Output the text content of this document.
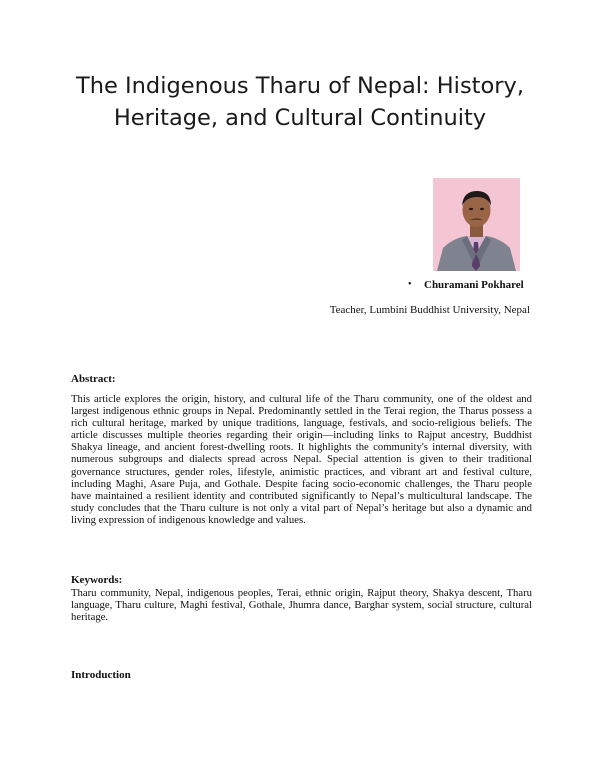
The Indigenous Tharu of Nepal: History,
Heritage, and Cultural Continuity
•	Churamani Pokharel
Teacher, Lumbini Buddhist University, Nepal
Abstract:

This article explores the origin, history, and cultural life of the Tharu community, one of the oldest and largest indigenous ethnic groups in Nepal. Predominantly settled in the Terai region, the Tharus possess a rich cultural heritage, marked by unique traditions, language, festivals, and socio-religious beliefs. The article discusses multiple theories regarding their origin—including links to Rajput ancestry, Buddhist Shakya lineage, and ancient forest-dwelling roots. It highlights the community's internal diversity, with numerous subgroups and dialects spread across Nepal. Special attention is given to their traditional governance structures, gender roles, lifestyle, animistic practices, and vibrant art and festival culture, including Maghi, Asare Puja, and Gothale. Despite facing socio-economic challenges, the Tharu people have maintained a resilient identity and contributed significantly to Nepal’s multicultural landscape. The study concludes that the Tharu culture is not only a vital part of Nepal’s heritage but also a dynamic and living expression of indigenous knowledge and values.

Keywords:

Tharu community, Nepal, indigenous peoples, Terai, ethnic origin, Rajput theory, Shakya descent, Tharu language, Tharu culture, Maghi festival, Gothale, Jhumra dance, Barghar system, social structure, cultural heritage.

Introduction
